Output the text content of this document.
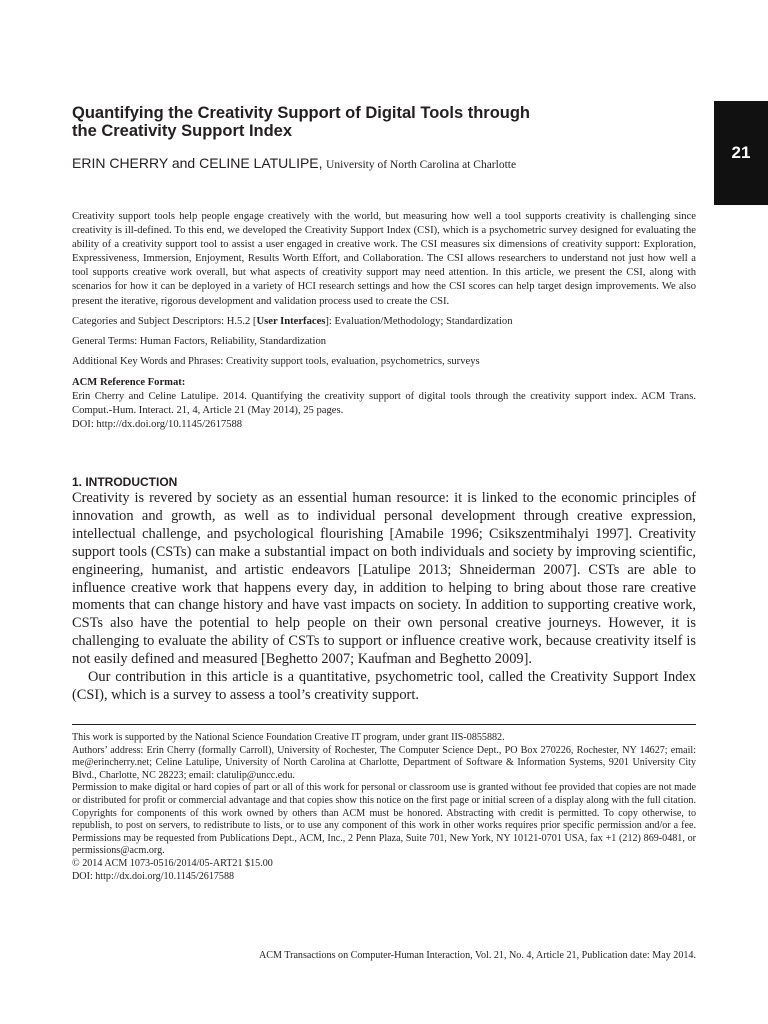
21
Quantifying the Creativity Support of Digital Tools through
the Creativity Support Index
ERIN CHERRY and CELINE LATULIPE, University of North Carolina at Charlotte

Creativity support tools help people engage creatively with the world, but measuring how well a tool supports creativity is challenging since creativity is ill-defined. To this end, we developed the Creativity Support Index (CSI), which is a psychometric survey designed for evaluating the ability of a creativity support tool to assist a user engaged in creative work. The CSI measures six dimensions of creativity support: Exploration, Expressiveness, Immersion, Enjoyment, Results Worth Effort, and Collaboration. The CSI allows researchers to understand not just how well a tool supports creative work overall, but what aspects of creativity support may need attention. In this article, we present the CSI, along with scenarios for how it can be deployed in a variety of HCI research settings and how the CSI scores can help target design improvements. We also present the iterative, rigorous development and validation process used to create the CSI.

Categories and Subject Descriptors: H.5.2 [User Interfaces]: Evaluation/Methodology; Standardization

General Terms: Human Factors, Reliability, Standardization

Additional Key Words and Phrases: Creativity support tools, evaluation, psychometrics, surveys

ACM Reference Format:

Erin Cherry and Celine Latulipe. 2014. Quantifying the creativity support of digital tools through the creativity support index. ACM Trans. Comput.-Hum. Interact. 21, 4, Article 21 (May 2014), 25 pages.

DOI: http://dx.doi.org/10.1145/2617588

1. INTRODUCTION

Creativity is revered by society as an essential human resource: it is linked to the economic principles of innovation and growth, as well as to individual personal development through creative expression, intellectual challenge, and psychological flourishing [Amabile 1996; Csikszentmihalyi 1997]. Creativity support tools (CSTs) can make a substantial impact on both individuals and society by improving scientific, engineering, humanist, and artistic endeavors [Latulipe 2013; Shneiderman 2007]. CSTs are able to influence creative work that happens every day, in addition to helping to bring about those rare creative moments that can change history and have vast impacts on society. In addition to supporting creative work, CSTs also have the potential to help people on their own personal creative journeys. However, it is challenging to evaluate the ability of CSTs to support or influence creative work, because creativity itself is not easily defined and measured [Beghetto 2007; Kaufman and Beghetto 2009].

Our contribution in this article is a quantitative, psychometric tool, called the Creativity Support Index (CSI), which is a survey to assess a tool’s creativity support.

This work is supported by the National Science Foundation Creative IT program, under grant IIS-0855882.

Authors’ address: Erin Cherry (formally Carroll), University of Rochester, The Computer Science Dept., PO Box 270226, Rochester, NY 14627; email: me@erincherry.net; Celine Latulipe, University of North Carolina at Charlotte, Department of Software & Information Systems, 9201 University City Blvd., Charlotte, NC 28223; email: clatulip@uncc.edu.

Permission to make digital or hard copies of part or all of this work for personal or classroom use is granted without fee provided that copies are not made or distributed for profit or commercial advantage and that copies show this notice on the first page or initial screen of a display along with the full citation. Copyrights for components of this work owned by others than ACM must be honored. Abstracting with credit is permitted. To copy otherwise, to republish, to post on servers, to redistribute to lists, or to use any component of this work in other works requires prior specific permission and/or a fee. Permissions may be requested from Publications Dept., ACM, Inc., 2 Penn Plaza, Suite 701, New York, NY 10121-0701 USA, fax +1 (212) 869-0481, or permissions@acm.org.

© 2014 ACM 1073-0516/2014/05-ART21 $15.00

DOI: http://dx.doi.org/10.1145/2617588

ACM Transactions on Computer-Human Interaction, Vol. 21, No. 4, Article 21, Publication date: May 2014.
